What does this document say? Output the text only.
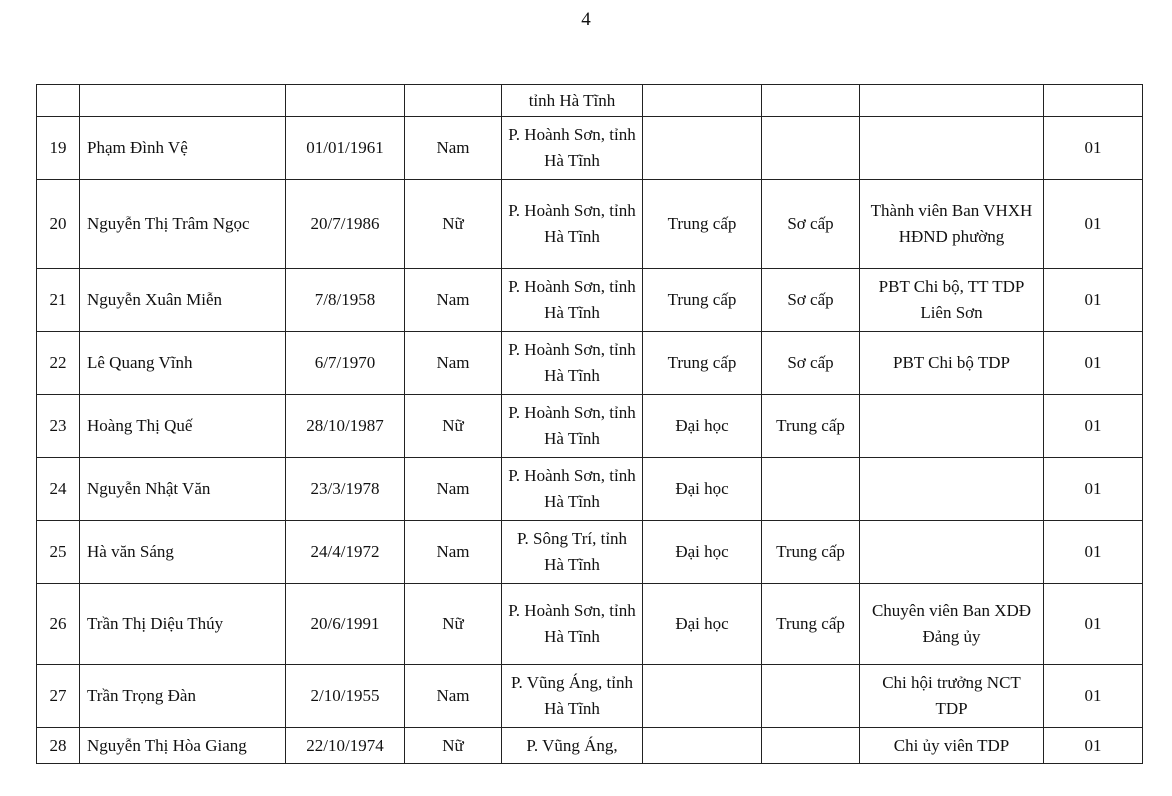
4
				tỉnh Hà Tĩnh				
19	Phạm Đình Vệ	01/01/1961	Nam	P. Hoành Sơn, tỉnh Hà Tĩnh				01
20	Nguyễn Thị Trâm Ngọc	20/7/1986	Nữ	P. Hoành Sơn, tỉnh Hà Tĩnh	Trung cấp	Sơ cấp	Thành viên Ban VHXH HĐND phường	01
21	Nguyễn Xuân Miễn	7/8/1958	Nam	P. Hoành Sơn, tỉnh Hà Tĩnh	Trung cấp	Sơ cấp	PBT Chi bộ, TT TDP Liên Sơn	01
22	Lê Quang Vĩnh	6/7/1970	Nam	P. Hoành Sơn, tỉnh Hà Tĩnh	Trung cấp	Sơ cấp	PBT Chi bộ TDP	01
23	Hoàng Thị Quế	28/10/1987	Nữ	P. Hoành Sơn, tỉnh Hà Tĩnh	Đại học	Trung cấp		01
24	Nguyễn Nhật Văn	23/3/1978	Nam	P. Hoành Sơn, tỉnh Hà Tĩnh	Đại học			01
25	Hà văn Sáng	24/4/1972	Nam	P. Sông Trí, tỉnh Hà Tĩnh	Đại học	Trung cấp		01
26	Trần Thị Diệu Thúy	20/6/1991	Nữ	P. Hoành Sơn, tỉnh Hà Tĩnh	Đại học	Trung cấp	Chuyên viên Ban XDĐ Đảng ủy	01
27	Trần Trọng Đàn	2/10/1955	Nam	P. Vũng Áng, tỉnh Hà Tĩnh			Chi hội trưởng NCT TDP	01
28	Nguyễn Thị Hòa Giang	22/10/1974	Nữ	P. Vũng Áng,			Chi ủy viên TDP	01
